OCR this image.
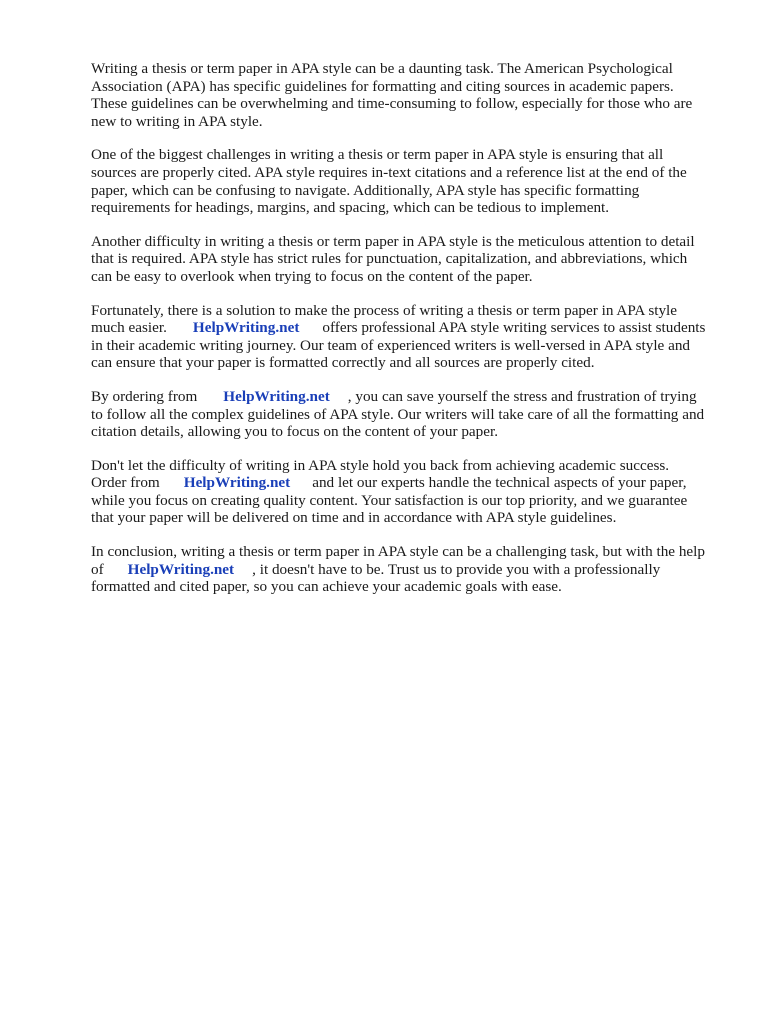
Writing a thesis or term paper in APA style can be a daunting task. The American Psychological
Association (APA) has specific guidelines for formatting and citing sources in academic papers.
These guidelines can be overwhelming and time-consuming to follow, especially for those who are
new to writing in APA style.

One of the biggest challenges in writing a thesis or term paper in APA style is ensuring that all
sources are properly cited. APA style requires in-text citations and a reference list at the end of the
paper, which can be confusing to navigate. Additionally, APA style has specific formatting
requirements for headings, margins, and spacing, which can be tedious to implement.

Another difficulty in writing a thesis or term paper in APA style is the meticulous attention to detail
that is required. APA style has strict rules for punctuation, capitalization, and abbreviations, which
can be easy to overlook when trying to focus on the content of the paper.

Fortunately, there is a solution to make the process of writing a thesis or term paper in APA style
much easier. HelpWriting.net offers professional APA style writing services to assist students
in their academic writing journey. Our team of experienced writers is well-versed in APA style and
can ensure that your paper is formatted correctly and all sources are properly cited.

By ordering from HelpWriting.net , you can save yourself the stress and frustration of trying
to follow all the complex guidelines of APA style. Our writers will take care of all the formatting and
citation details, allowing you to focus on the content of your paper.

Don't let the difficulty of writing in APA style hold you back from achieving academic success.
Order from HelpWriting.net and let our experts handle the technical aspects of your paper,
while you focus on creating quality content. Your satisfaction is our top priority, and we guarantee
that your paper will be delivered on time and in accordance with APA style guidelines.

In conclusion, writing a thesis or term paper in APA style can be a challenging task, but with the help
of HelpWriting.net , it doesn't have to be. Trust us to provide you with a professionally
formatted and cited paper, so you can achieve your academic goals with ease.
